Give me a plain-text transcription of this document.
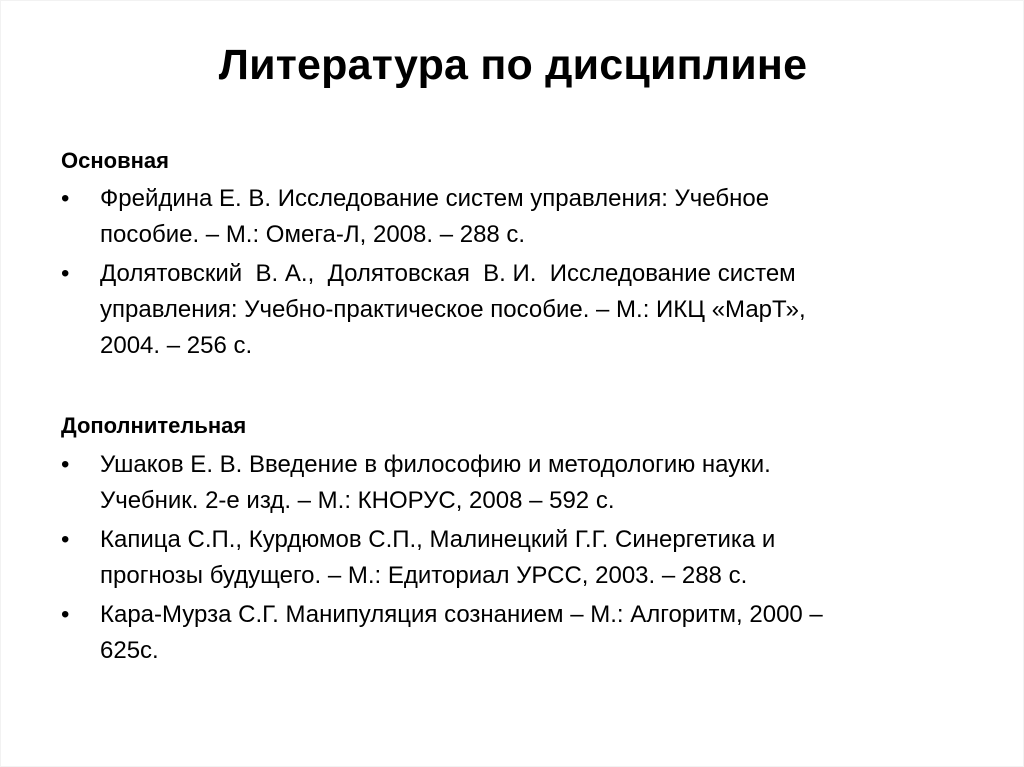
Литература по дисциплине
Основная
• Фрейдина Е. В. Исследование систем управления: Учебное
пособие. – М.: Омега-Л, 2008. – 288 с.
• Долятовский  В. А.,  Долятовская  В. И.  Исследование систем
управления: Учебно-практическое пособие. – М.: ИКЦ «МарТ»,
2004. – 256 с.
Дополнительная
• Ушаков Е. В. Введение в философию и методологию науки.
Учебник. 2-е изд. – М.: КНОРУС, 2008 – 592 с.
• Капица С.П., Курдюмов С.П., Малинецкий Г.Г. Синергетика и
прогнозы будущего. – М.: Едиториал УРСС, 2003. – 288 с.
• Кара-Мурза С.Г. Манипуляция сознанием – М.: Алгоритм, 2000 –
625с.
